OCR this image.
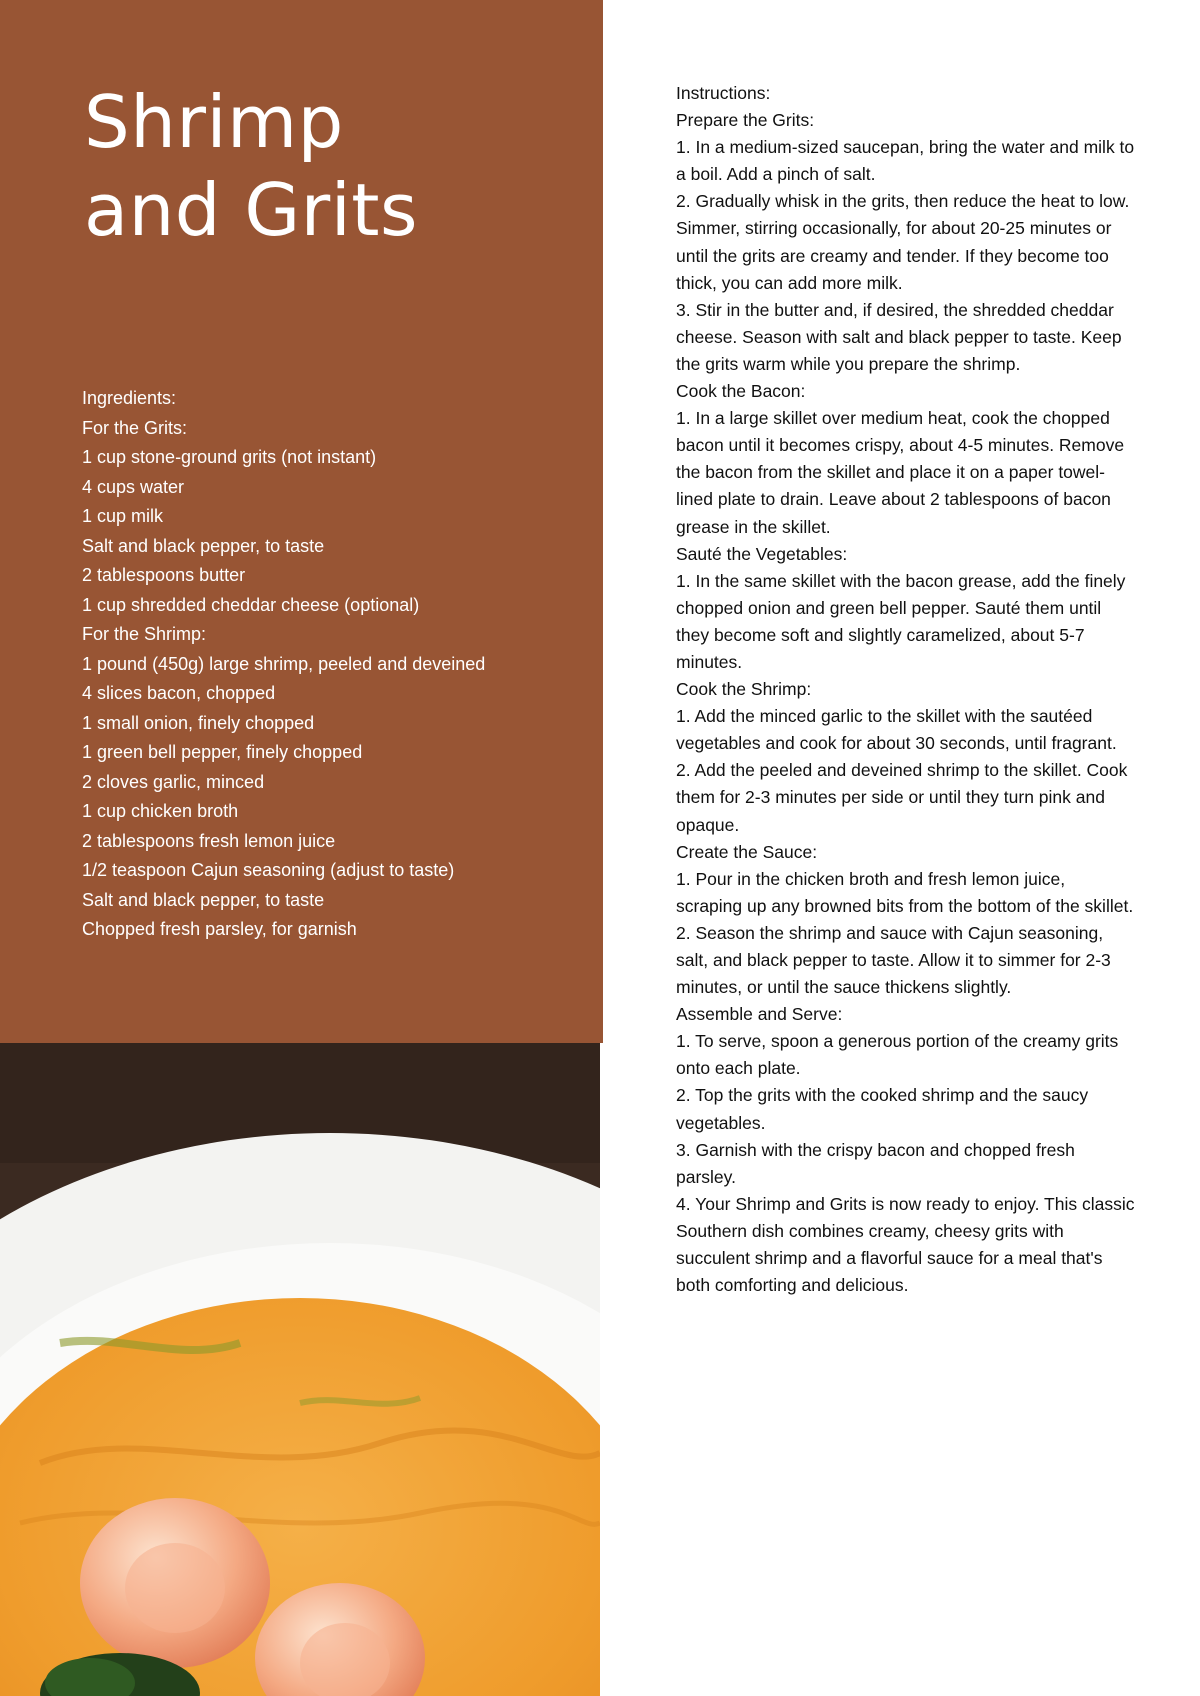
Shrimp
and Grits
Ingredients:
For the Grits:
1 cup stone-ground grits (not instant)
4 cups water
1 cup milk
Salt and black pepper, to taste
2 tablespoons butter
1 cup shredded cheddar cheese (optional)
For the Shrimp:
1 pound (450g) large shrimp, peeled and deveined
4 slices bacon, chopped
1 small onion, finely chopped
1 green bell pepper, finely chopped
2 cloves garlic, minced
1 cup chicken broth
2 tablespoons fresh lemon juice
1/2 teaspoon Cajun seasoning (adjust to taste)
Salt and black pepper, to taste
Chopped fresh parsley, for garnish

Instructions:

Prepare the Grits:

1. In a medium-sized saucepan, bring the water and milk to a boil. Add a pinch of salt.

2. Gradually whisk in the grits, then reduce the heat to low. Simmer, stirring occasionally, for about 20-25 minutes or until the grits are creamy and tender. If they become too thick, you can add more milk.

3. Stir in the butter and, if desired, the shredded cheddar cheese. Season with salt and black pepper to taste. Keep the grits warm while you prepare the shrimp.

Cook the Bacon:

1. In a large skillet over medium heat, cook the chopped bacon until it becomes crispy, about 4-5 minutes. Remove the bacon from the skillet and place it on a paper towel-lined plate to drain. Leave about 2 tablespoons of bacon grease in the skillet.

Sauté the Vegetables:

1. In the same skillet with the bacon grease, add the finely chopped onion and green bell pepper. Sauté them until they become soft and slightly caramelized, about 5-7 minutes.

Cook the Shrimp:

1. Add the minced garlic to the skillet with the sautéed vegetables and cook for about 30 seconds, until fragrant.

2. Add the peeled and deveined shrimp to the skillet. Cook them for 2-3 minutes per side or until they turn pink and opaque.

Create the Sauce:

1. Pour in the chicken broth and fresh lemon juice, scraping up any browned bits from the bottom of the skillet.

2. Season the shrimp and sauce with Cajun seasoning, salt, and black pepper to taste. Allow it to simmer for 2-3 minutes, or until the sauce thickens slightly.

Assemble and Serve:

1. To serve, spoon a generous portion of the creamy grits onto each plate.

2. Top the grits with the cooked shrimp and the saucy vegetables.

3. Garnish with the crispy bacon and chopped fresh parsley.

4. Your Shrimp and Grits is now ready to enjoy. This classic Southern dish combines creamy, cheesy grits with succulent shrimp and a flavorful sauce for a meal that's both comforting and delicious.
